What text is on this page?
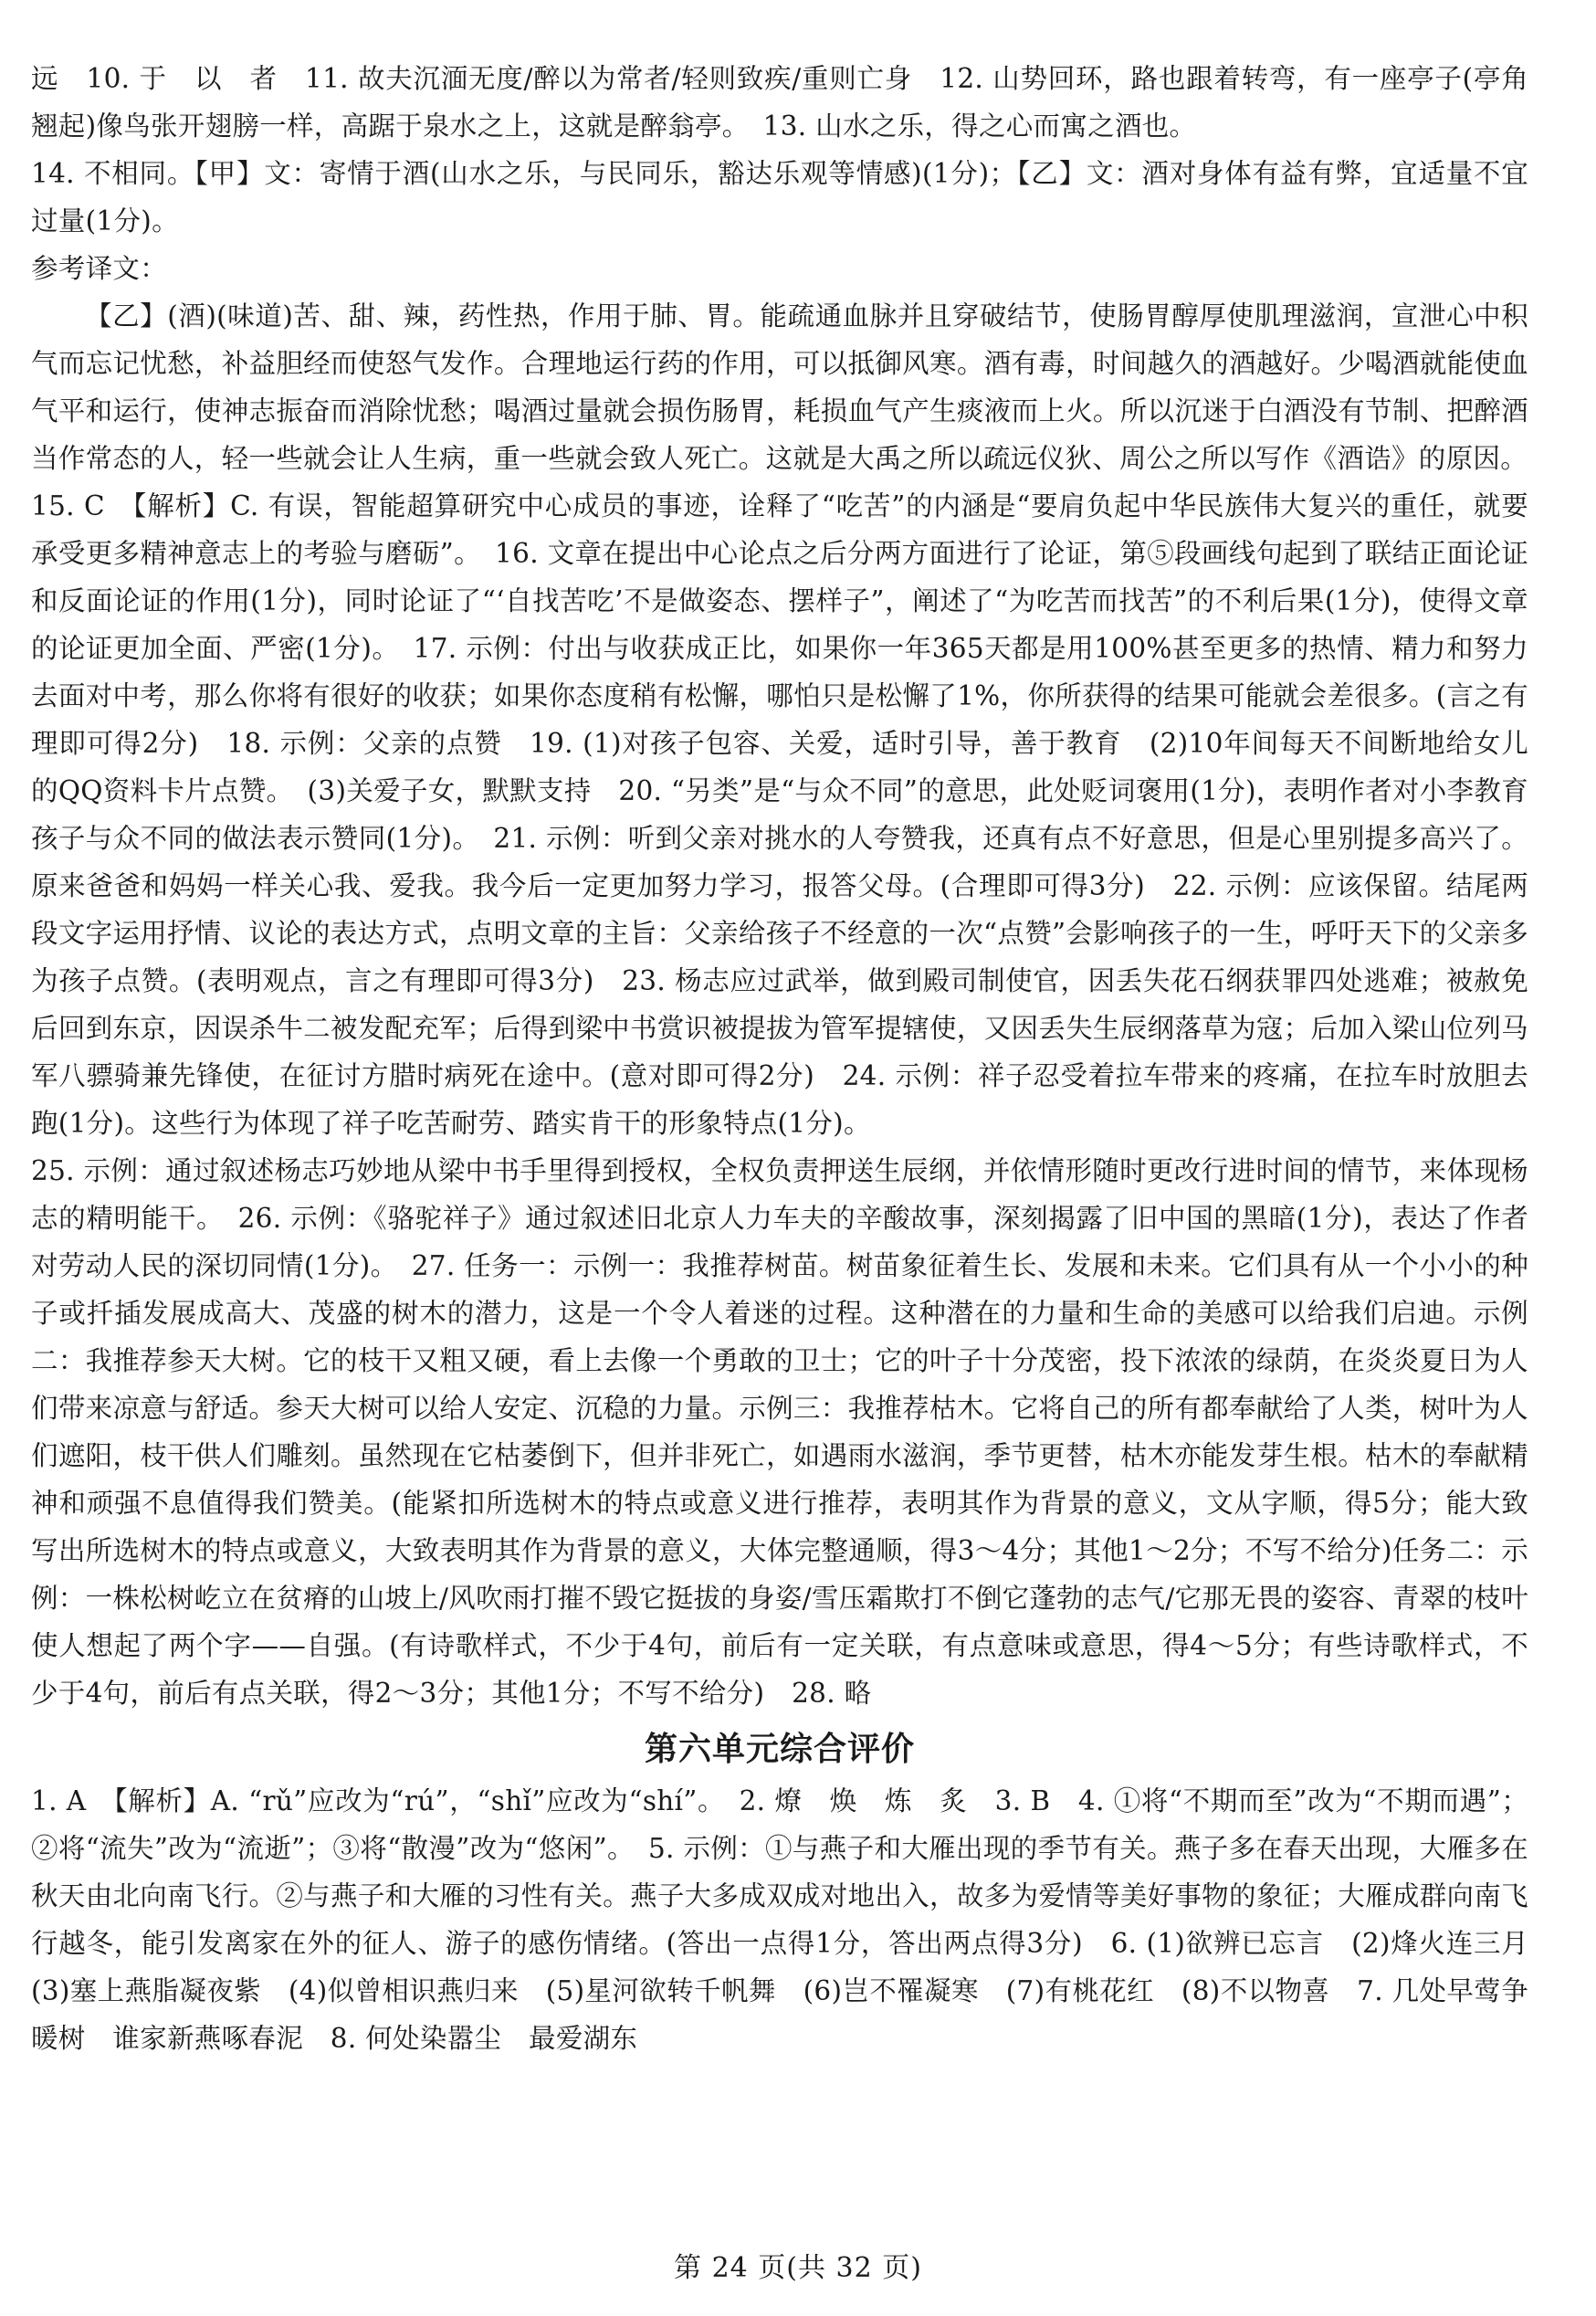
远　10. 于　以　者　11. 故夫沉湎无度/醉以为常者/轻则致疾/重则亡身　12. 山势回环，路也跟着转弯，有一座亭子(亭角翘起)像鸟张开翅膀一样，高踞于泉水之上，这就是醉翁亭。　13. 山水之乐，得之心而寓之酒也。

14. 不相同。【甲】文：寄情于酒(山水之乐，与民同乐，豁达乐观等情感)(1分)；【乙】文：酒对身体有益有弊，宜适量不宜过量(1分)。

参考译文：

【乙】(酒)(味道)苦、甜、辣，药性热，作用于肺、胃。能疏通血脉并且穿破结节，使肠胃醇厚使肌理滋润，宣泄心中积气而忘记忧愁，补益胆经而使怒气发作。合理地运行药的作用，可以抵御风寒。酒有毒，时间越久的酒越好。少喝酒就能使血气平和运行，使神志振奋而消除忧愁；喝酒过量就会损伤肠胃，耗损血气产生痰液而上火。所以沉迷于白酒没有节制、把醉酒当作常态的人，轻一些就会让人生病，重一些就会致人死亡。这就是大禹之所以疏远仪狄、周公之所以写作《酒诰》的原因。

15. C　【解析】C. 有误，智能超算研究中心成员的事迹，诠释了“吃苦”的内涵是“要肩负起中华民族伟大复兴的重任，就要承受更多精神意志上的考验与磨砺”。　16. 文章在提出中心论点之后分两方面进行了论证，第⑤段画线句起到了联结正面论证和反面论证的作用(1分)，同时论证了“‘自找苦吃’不是做姿态、摆样子”，阐述了“为吃苦而找苦”的不利后果(1分)，使得文章的论证更加全面、严密(1分)。　17. 示例：付出与收获成正比，如果你一年365天都是用100%甚至更多的热情、精力和努力去面对中考，那么你将有很好的收获；如果你态度稍有松懈，哪怕只是松懈了1%，你所获得的结果可能就会差很多。(言之有理即可得2分)　18. 示例：父亲的点赞　19. (1)对孩子包容、关爱，适时引导，善于教育　(2)10年间每天不间断地给女儿的QQ资料卡片点赞。　(3)关爱子女，默默支持　20. “另类”是“与众不同”的意思，此处贬词褒用(1分)，表明作者对小李教育孩子与众不同的做法表示赞同(1分)。　21. 示例：听到父亲对挑水的人夸赞我，还真有点不好意思，但是心里别提多高兴了。原来爸爸和妈妈一样关心我、爱我。我今后一定更加努力学习，报答父母。(合理即可得3分)　22. 示例：应该保留。结尾两段文字运用抒情、议论的表达方式，点明文章的主旨：父亲给孩子不经意的一次“点赞”会影响孩子的一生，呼吁天下的父亲多为孩子点赞。(表明观点，言之有理即可得3分)　23. 杨志应过武举，做到殿司制使官，因丢失花石纲获罪四处逃难；被赦免后回到东京，因误杀牛二被发配充军；后得到梁中书赏识被提拔为管军提辖使，又因丢失生辰纲落草为寇；后加入梁山位列马军八骠骑兼先锋使，在征讨方腊时病死在途中。(意对即可得2分)　24. 示例：祥子忍受着拉车带来的疼痛，在拉车时放胆去跑(1分)。这些行为体现了祥子吃苦耐劳、踏实肯干的形象特点(1分)。

25. 示例：通过叙述杨志巧妙地从梁中书手里得到授权，全权负责押送生辰纲，并依情形随时更改行进时间的情节，来体现杨志的精明能干。　26. 示例：《骆驼祥子》通过叙述旧北京人力车夫的辛酸故事，深刻揭露了旧中国的黑暗(1分)，表达了作者对劳动人民的深切同情(1分)。　27. 任务一：示例一：我推荐树苗。树苗象征着生长、发展和未来。它们具有从一个小小的种子或扦插发展成高大、茂盛的树木的潜力，这是一个令人着迷的过程。这种潜在的力量和生命的美感可以给我们启迪。示例二：我推荐参天大树。它的枝干又粗又硬，看上去像一个勇敢的卫士；它的叶子十分茂密，投下浓浓的绿荫，在炎炎夏日为人们带来凉意与舒适。参天大树可以给人安定、沉稳的力量。示例三：我推荐枯木。它将自己的所有都奉献给了人类，树叶为人们遮阳，枝干供人们雕刻。虽然现在它枯萎倒下，但并非死亡，如遇雨水滋润，季节更替，枯木亦能发芽生根。枯木的奉献精神和顽强不息值得我们赞美。(能紧扣所选树木的特点或意义进行推荐，表明其作为背景的意义，文从字顺，得5分；能大致写出所选树木的特点或意义，大致表明其作为背景的意义，大体完整通顺，得3～4分；其他1～2分；不写不给分)任务二：示例：一株松树屹立在贫瘠的山坡上/风吹雨打摧不毁它挺拔的身姿/雪压霜欺打不倒它蓬勃的志气/它那无畏的姿容、青翠的枝叶使人想起了两个字——自强。(有诗歌样式，不少于4句，前后有一定关联，有点意味或意思，得4～5分；有些诗歌样式，不少于4句，前后有点关联，得2～3分；其他1分；不写不给分)　28. 略

第六单元综合评价

1. A　【解析】A. “rǔ”应改为“rú”，“shǐ”应改为“shí”。　2. 燎　焕　炼　炙　3. B　4. ①将“不期而至”改为“不期而遇”；②将“流失”改为“流逝”；③将“散漫”改为“悠闲”。　5. 示例：①与燕子和大雁出现的季节有关。燕子多在春天出现，大雁多在秋天由北向南飞行。②与燕子和大雁的习性有关。燕子大多成双成对地出入，故多为爱情等美好事物的象征；大雁成群向南飞行越冬，能引发离家在外的征人、游子的感伤情绪。(答出一点得1分，答出两点得3分)　6. (1)欲辨已忘言　(2)烽火连三月　(3)塞上燕脂凝夜紫　(4)似曾相识燕归来　(5)星河欲转千帆舞　(6)岂不罹凝寒　(7)有桃花红　(8)不以物喜　7. 几处早莺争暖树　谁家新燕啄春泥　8. 何处染嚣尘　最爱湖东

第 24 页(共 32 页)
